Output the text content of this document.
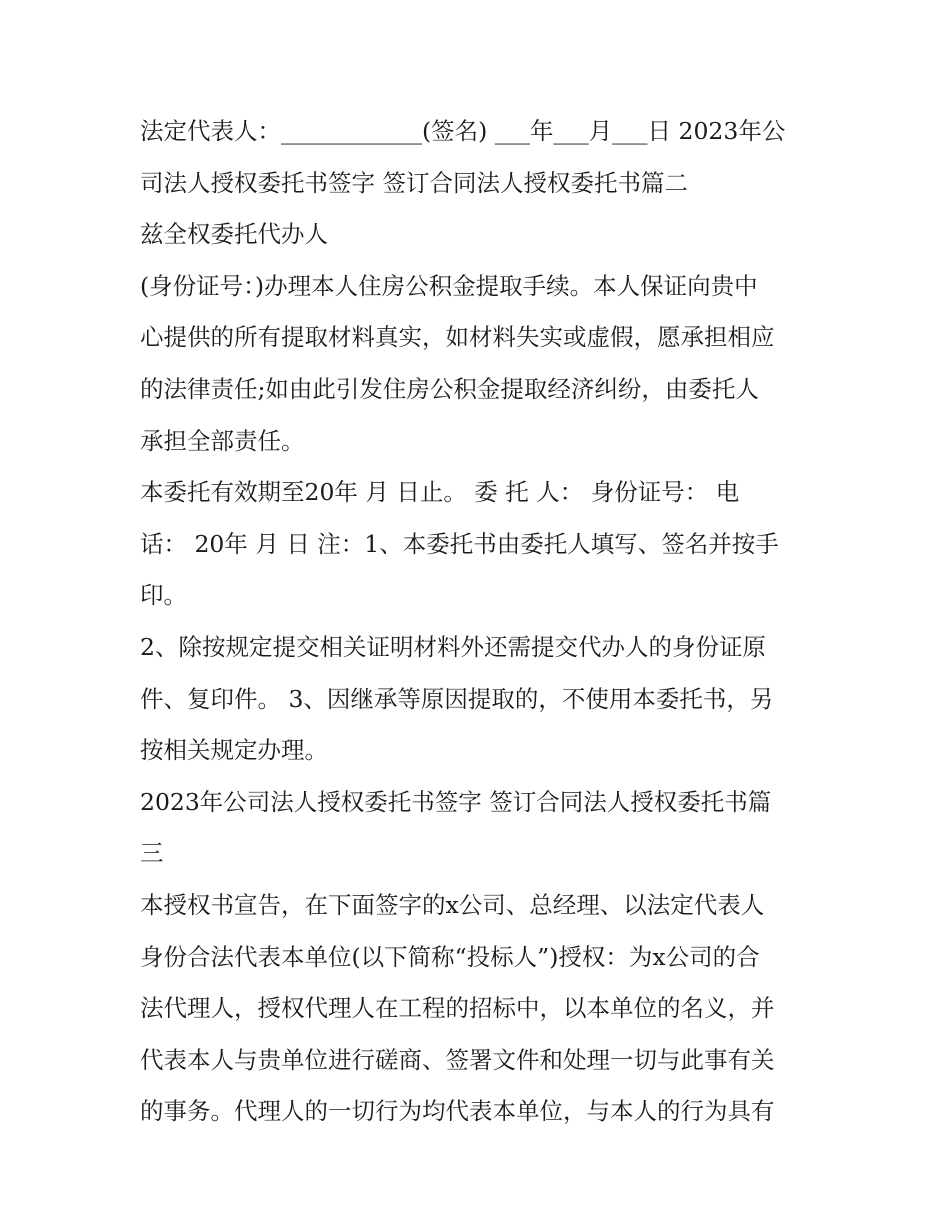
法定代表人：____________(签名) ___年___月___日 2023年公
司法人授权委托书签字 签订合同法人授权委托书篇二
兹全权委托代办人
(身份证号：)办理本人住房公积金提取手续。本人保证向贵中
心提供的所有提取材料真实，如材料失实或虚假，愿承担相应
的法律责任;如由此引发住房公积金提取经济纠纷，由委托人
承担全部责任。
本委托有效期至20年 月 日止。 委 托 人： 身份证号： 电
话： 20年 月 日 注：1、本委托书由委托人填写、签名并按手
印。
2、除按规定提交相关证明材料外还需提交代办人的身份证原
件、复印件。 3、因继承等原因提取的，不使用本委托书，另
按相关规定办理。
2023年公司法人授权委托书签字 签订合同法人授权委托书篇
三
本授权书宣告，在下面签字的x公司、总经理、以法定代表人
身份合法代表本单位(以下简称“投标人”)授权：为x公司的合
法代理人，授权代理人在工程的招标中，以本单位的名义，并
代表本人与贵单位进行磋商、签署文件和处理一切与此事有关
的事务。代理人的一切行为均代表本单位，与本人的行为具有
